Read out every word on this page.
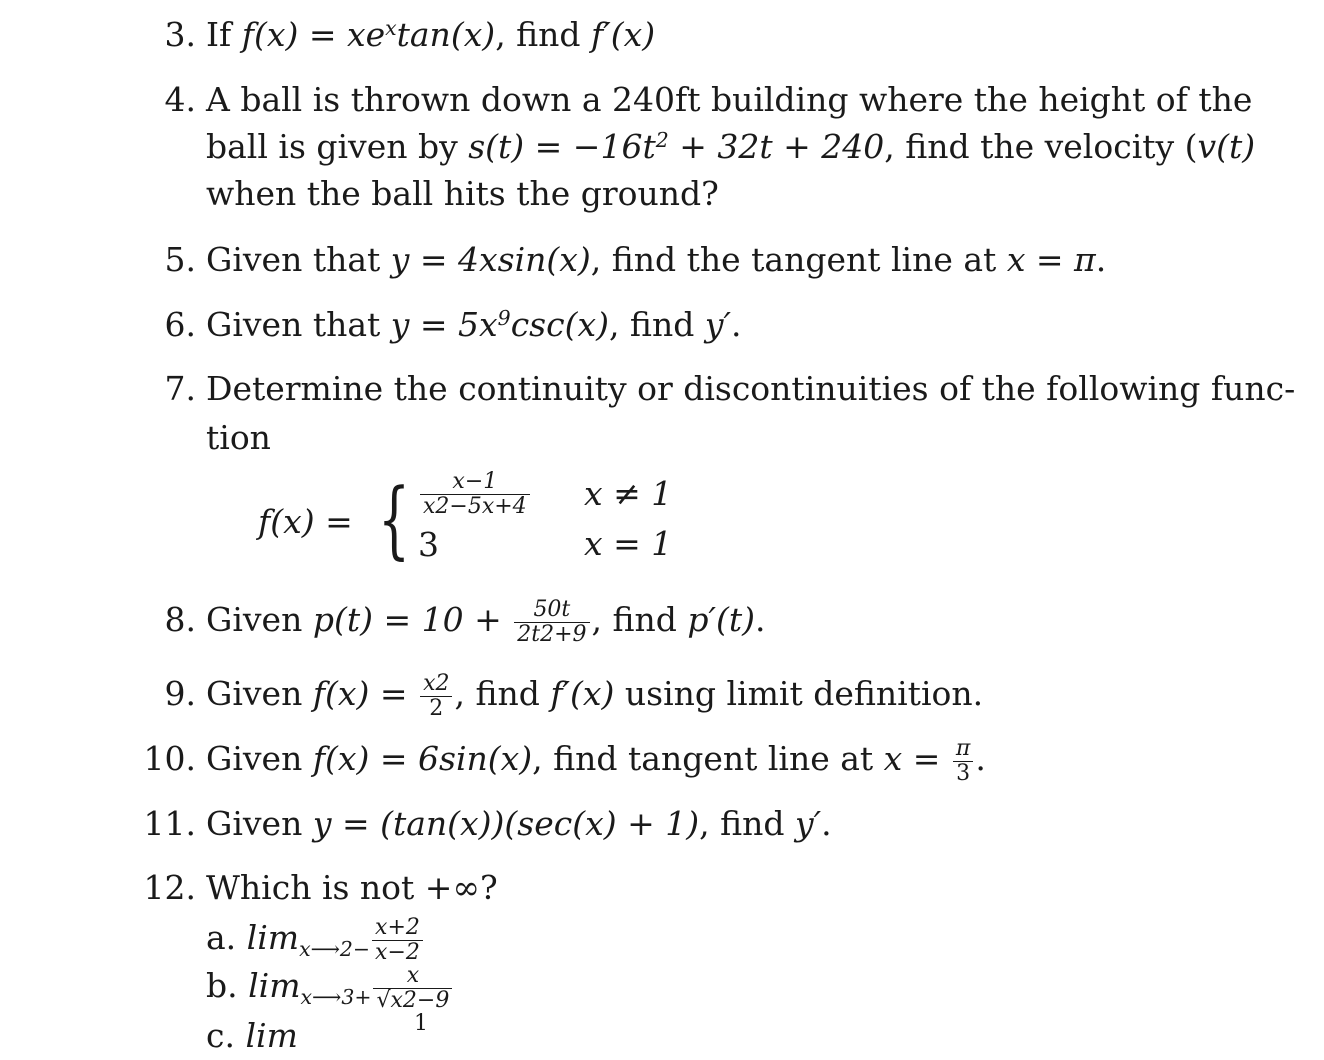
3. If $f(x) = xe^x\tan(x)$, find f′(x)
4. A ball is thrown down a 240ft building where the height of the
ball is given by $s(t) = -16t^2 + 32t + 240$, find the velocity (v(t)
when the ball hits the ground?
5. Given that y = 4xsin(x), find the tangent line at x = π.
6. Given that $y = 5x^9\csc(x)$, find y′.
7. Determine the continuity or discontinuities of the following func-
tion
f(x) = { $\frac{x-1}{x2-5x+4}$ x ≠ 1
3	x = 1
8. Given $p(t) = 10 + \frac{50t}{2t2+9}$ , find p′(t).
9. Given $f(x) = \frac{x2}{2}$ , find f′(x) using limit definition.
10. Given f(x) = 6sin(x), find tangent line at $x = \frac{\pi}{3}$ .
11. Given y = (tan(x))(sec(x) + 1), find y′.
12. Which is not +∞?
a. $\lim_{x⟶2-} \frac{x+2}{x-2}$
b. $\lim_{x⟶3+} \frac{x}{√x2-9}$
c. lim	1
